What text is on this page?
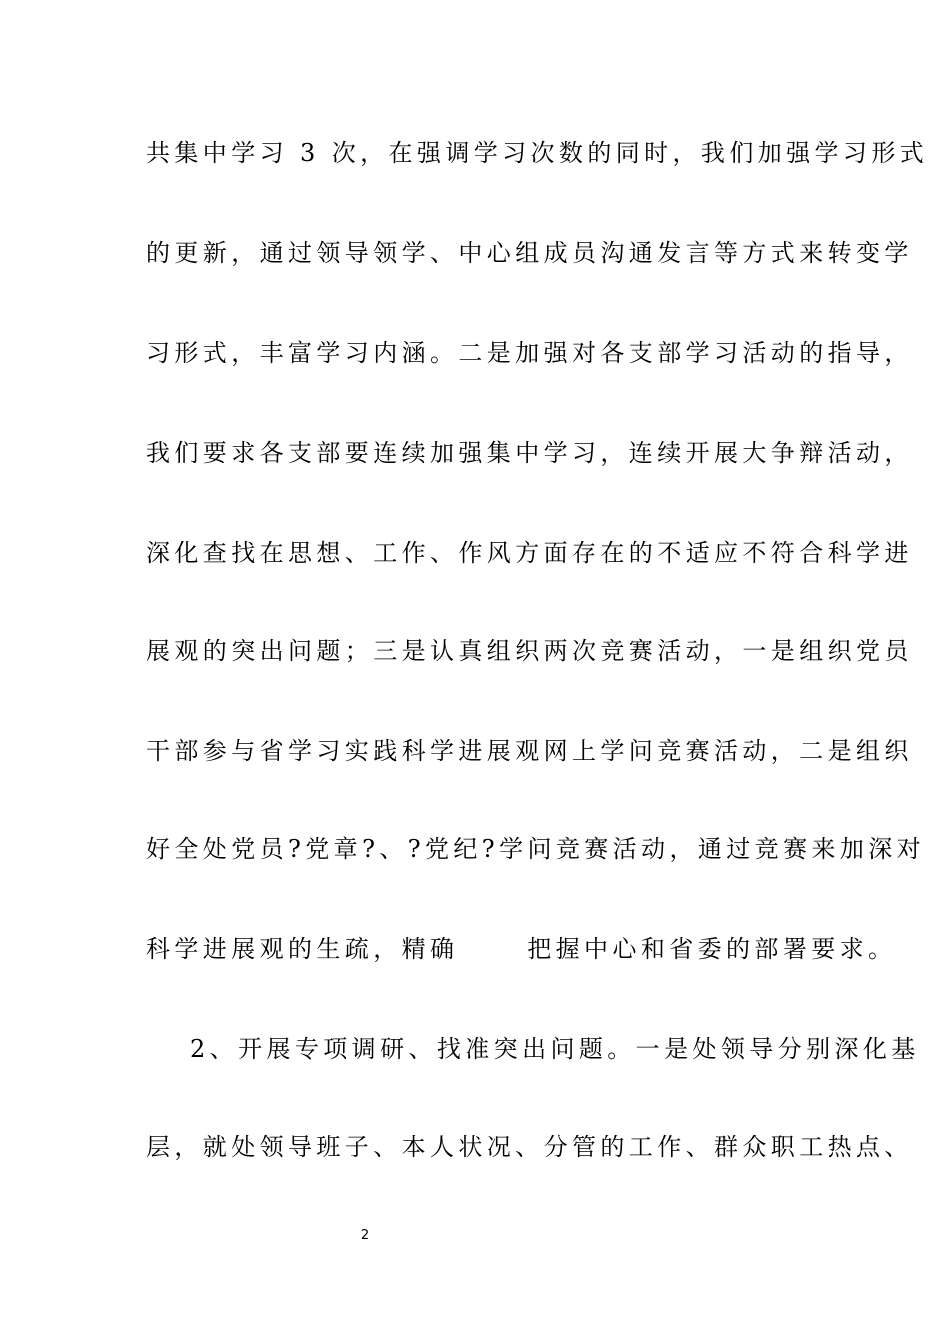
共集中学习 3 次，在强调学习次数的同时，我们加强学习形式
的更新，通过领导领学、中心组成员沟通发言等方式来转变学
习形式，丰富学习内涵。二是加强对各支部学习活动的指导，
我们要求各支部要连续加强集中学习，连续开展大争辩活动，
深化查找在思想、工作、作风方面存在的不适应不符合科学进
展观的突出问题；三是认真组织两次竞赛活动，一是组织党员
干部参与省学习实践科学进展观网上学问竞赛活动，二是组织
好全处党员?党章?、?党纪?学问竞赛活动，通过竞赛来加深对
科学进展观的生疏，精确　　 把握中心和省委的部署要求。
2、开展专项调研、找准突出问题。一是处领导分别深化基
层，就处领导班子、本人状况、分管的工作、群众职工热点、
2
